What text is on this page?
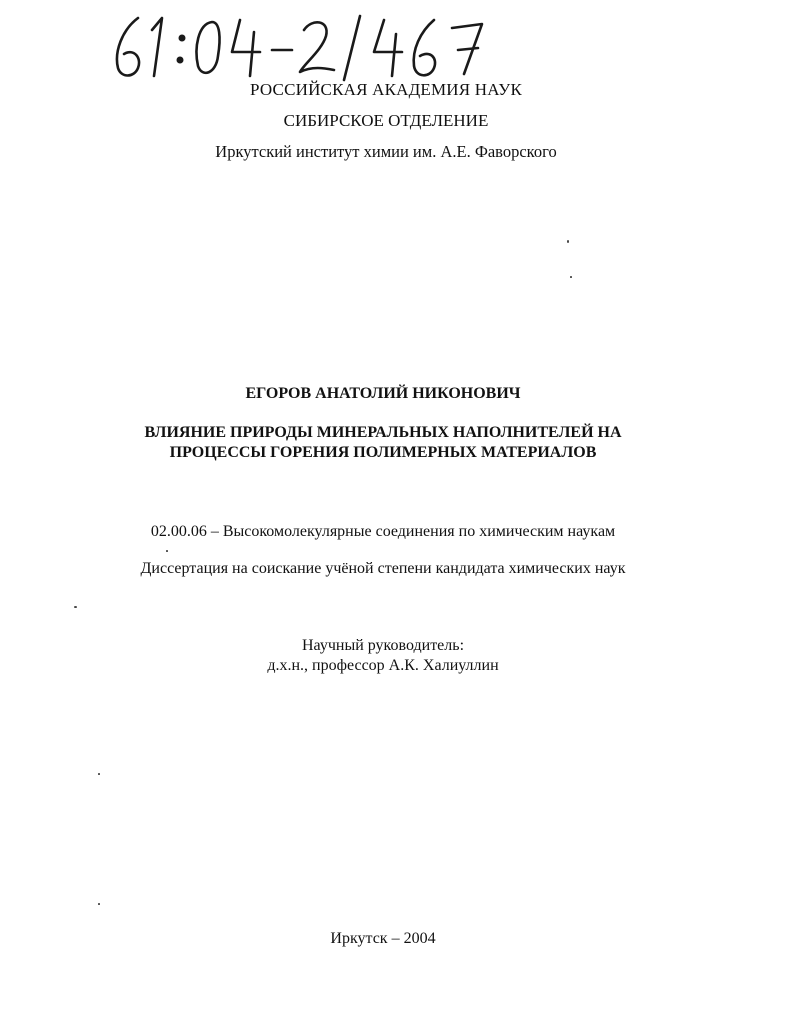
РОССИЙСКАЯ АКАДЕМИЯ НАУК
СИБИРСКОЕ ОТДЕЛЕНИЕ
Иркутский институт химии им. А.Е. Фаворского
ЕГОРОВ АНАТОЛИЙ НИКОНОВИЧ
ВЛИЯНИЕ ПРИРОДЫ МИНЕРАЛЬНЫХ НАПОЛНИТЕЛЕЙ НА
ПРОЦЕССЫ ГОРЕНИЯ ПОЛИМЕРНЫХ МАТЕРИАЛОВ
02.00.06 – Высокомолекулярные соединения по химическим наукам
Диссертация на соискание учёной степени кандидата химических наук
Научный руководитель:
д.х.н., профессор А.К. Халиуллин
Иркутск – 2004
